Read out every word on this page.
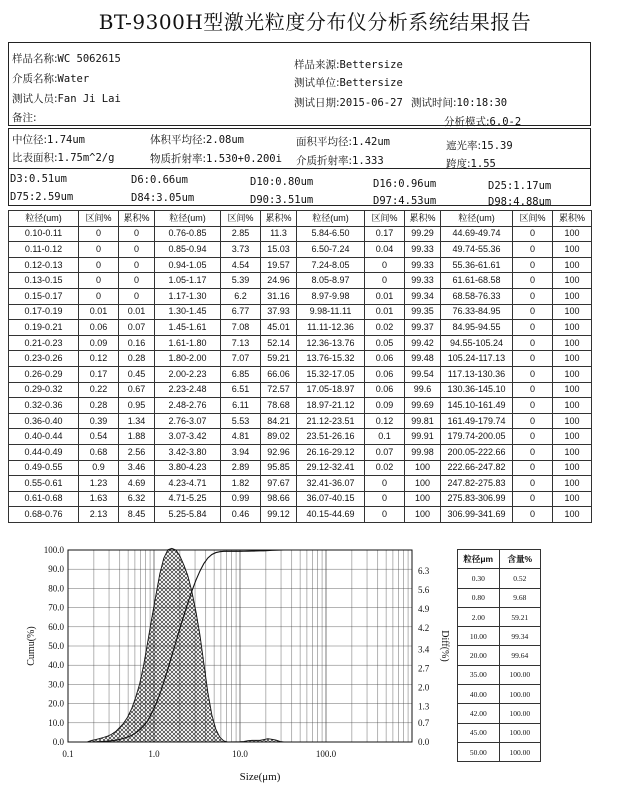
BT-9300H型激光粒度分布仪分析系统结果报告
样品名称:WC 5062615
介质名称:Water
测试人员:Fan Ji Lai
备注:
样品来源:Bettersize
测试单位:Bettersize
测试日期:2015-06-27 测试时间:10:18:30
分析模式:6.0-2
中位径:1.74um	体积平均径:2.08um	面积平均径:1.42um	遮光率:15.39
比表面积:1.75m^2/g	物质折射率:1.530+0.200i 介质折射率:1.333	跨度:1.55
D3:0.51um	D6:0.66um	D10:0.80um	D16:0.96um	D25:1.17um
D75:2.59um	D84:3.05um	D90:3.51um	D97:4.53um	D98:4.88um
粒径(um)	区间%	累积%	粒径(um)	区间%	累积%	粒径(um)	区间%	累积%	粒径(um)	区间%	累积%
0.10-0.11	0	0	0.76-0.85	2.85	11.3	5.84-6.50	0.17	99.29	44.69-49.74	0	100
0.11-0.12	0	0	0.85-0.94	3.73	15.03	6.50-7.24	0.04	99.33	49.74-55.36	0	100
0.12-0.13	0	0	0.94-1.05	4.54	19.57	7.24-8.05	0	99.33	55.36-61.61	0	100
0.13-0.15	0	0	1.05-1.17	5.39	24.96	8.05-8.97	0	99.33	61.61-68.58	0	100
0.15-0.17	0	0	1.17-1.30	6.2	31.16	8.97-9.98	0.01	99.34	68.58-76.33	0	100
0.17-0.19	0.01	0.01	1.30-1.45	6.77	37.93	9.98-11.11	0.01	99.35	76.33-84.95	0	100
0.19-0.21	0.06	0.07	1.45-1.61	7.08	45.01	11.11-12.36	0.02	99.37	84.95-94.55	0	100
0.21-0.23	0.09	0.16	1.61-1.80	7.13	52.14	12.36-13.76	0.05	99.42	94.55-105.24	0	100
0.23-0.26	0.12	0.28	1.80-2.00	7.07	59.21	13.76-15.32	0.06	99.48	105.24-117.13	0	100
0.26-0.29	0.17	0.45	2.00-2.23	6.85	66.06	15.32-17.05	0.06	99.54	117.13-130.36	0	100
0.29-0.32	0.22	0.67	2.23-2.48	6.51	72.57	17.05-18.97	0.06	99.6	130.36-145.10	0	100
0.32-0.36	0.28	0.95	2.48-2.76	6.11	78.68	18.97-21.12	0.09	99.69	145.10-161.49	0	100
0.36-0.40	0.39	1.34	2.76-3.07	5.53	84.21	21.12-23.51	0.12	99.81	161.49-179.74	0	100
0.40-0.44	0.54	1.88	3.07-3.42	4.81	89.02	23.51-26.16	0.1	99.91	179.74-200.05	0	100
0.44-0.49	0.68	2.56	3.42-3.80	3.94	92.96	26.16-29.12	0.07	99.98	200.05-222.66	0	100
0.49-0.55	0.9	3.46	3.80-4.23	2.89	95.85	29.12-32.41	0.02	100	222.66-247.82	0	100
0.55-0.61	1.23	4.69	4.23-4.71	1.82	97.67	32.41-36.07	0	100	247.82-275.83	0	100
0.61-0.68	1.63	6.32	4.71-5.25	0.99	98.66	36.07-40.15	0	100	275.83-306.99	0	100
0.68-0.76	2.13	8.45	5.25-5.84	0.46	99.12	40.15-44.69	0	100	306.99-341.69	0	100
0.0
10.0
20.0
30.0
40.0
50.0
60.0
70.0
80.0
90.0
100.0
0.0
0.7
1.3
2.0
2.7
3.4
4.2
4.9
5.6
6.3
0.1	1.0	10.0	100.0
Size(μm)
Cumu(%)	Diff(%)
粒径μm	含量%
0.30	0.52
0.80	9.68
2.00	59.21
10.00	99.34
20.00	99.64
35.00	100.00
40.00	100.00
42.00	100.00
45.00	100.00
50.00	100.00
